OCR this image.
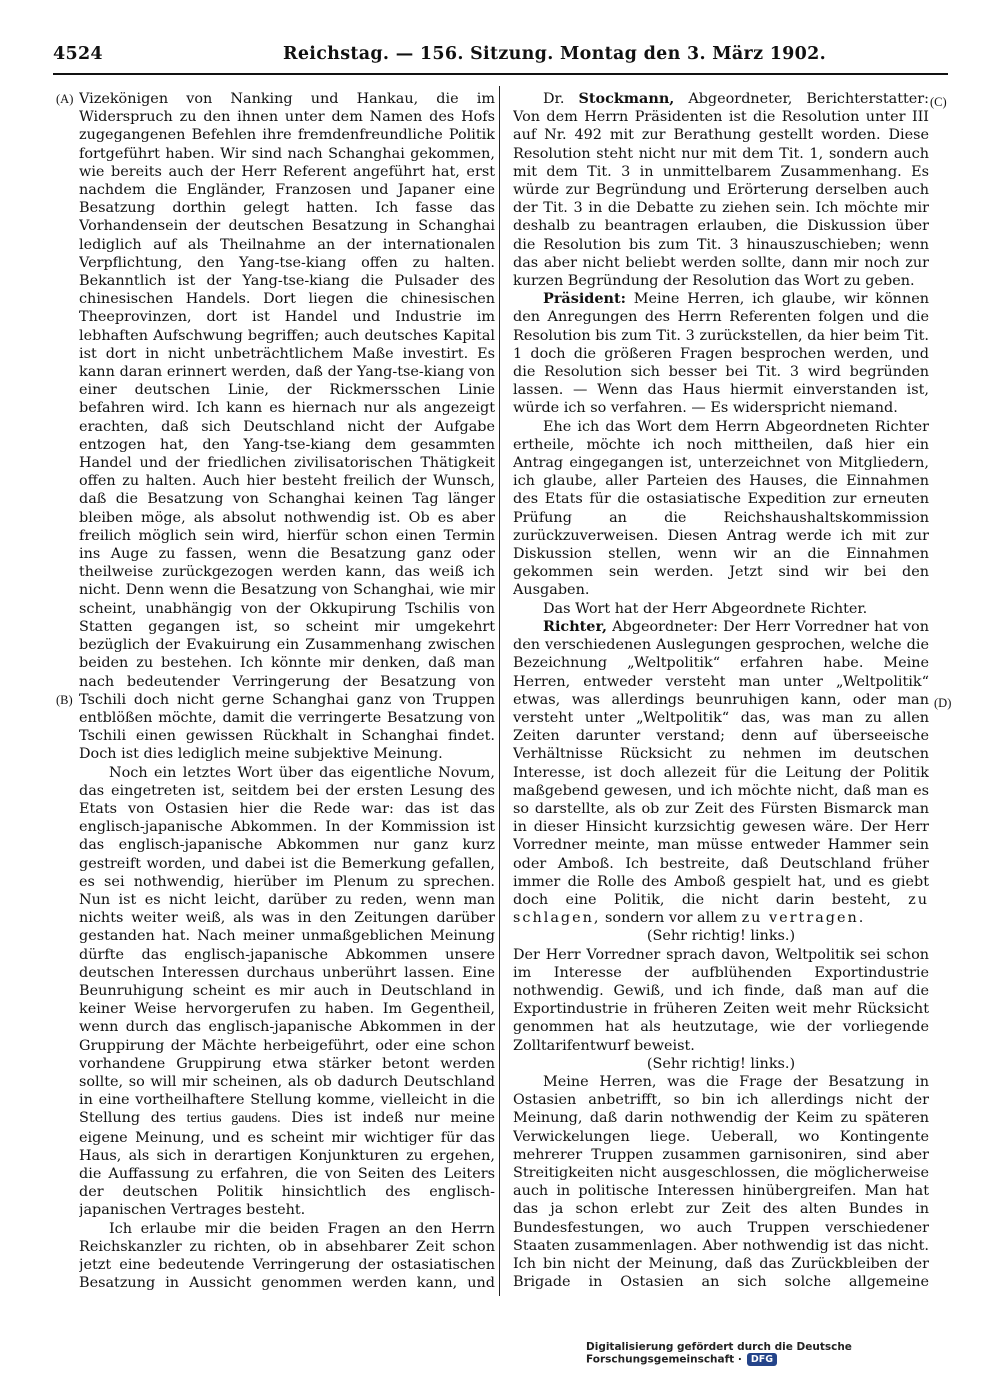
4524	Reichstag. — 156. Sitzung. Montag den 3. März 1902.
(A)
(B)
(C)
(D)

Vizekönigen von Nanking und Hankau, die im Widerspruch zu den ihnen unter dem Namen des Hofs zugegangenen Befehlen ihre fremdenfreundliche Politik fortgeführt haben. Wir sind nach Schanghai gekommen, wie bereits auch der Herr Referent angeführt hat, erst nachdem die Engländer, Franzosen und Japaner eine Besatzung dorthin gelegt hatten. Ich fasse das Vorhandensein der deutschen Besatzung in Schanghai lediglich auf als Theilnahme an der internationalen Verpflichtung, den Yang-tse-kiang offen zu halten. Bekanntlich ist der Yang-tse-kiang die Pulsader des chinesischen Handels. Dort liegen die chinesischen Theeprovinzen, dort ist Handel und Industrie im lebhaften Aufschwung begriffen; auch deutsches Kapital ist dort in nicht unbeträchtlichem Maße investirt. Es kann daran erinnert werden, daß der Yang-tse-kiang von einer deutschen Linie, der Rickmersschen Linie befahren wird. Ich kann es hiernach nur als angezeigt erachten, daß sich Deutschland nicht der Aufgabe entzogen hat, den Yang-tse-kiang dem gesammten Handel und der friedlichen zivilisatorischen Thätigkeit offen zu halten. Auch hier besteht freilich der Wunsch, daß die Besatzung von Schanghai keinen Tag länger bleiben möge, als absolut nothwendig ist. Ob es aber freilich möglich sein wird, hierfür schon einen Termin ins Auge zu fassen, wenn die Besatzung ganz oder theilweise zurückgezogen werden kann, das weiß ich nicht. Denn wenn die Besatzung von Schanghai, wie mir scheint, unabhängig von der Okkupirung Tschilis von Statten gegangen ist, so scheint mir umgekehrt bezüglich der Evakuirung ein Zusammenhang zwischen beiden zu bestehen. Ich könnte mir denken, daß man nach bedeutender Verringerung der Besatzung von Tschili doch nicht gerne Schanghai ganz von Truppen entblößen möchte, damit die verringerte Besatzung von Tschili einen gewissen Rückhalt in Schanghai findet. Doch ist dies lediglich meine subjektive Meinung.

Noch ein letztes Wort über das eigentliche Novum, das eingetreten ist, seitdem bei der ersten Lesung des Etats von Ostasien hier die Rede war: das ist das englisch-japanische Abkommen. In der Kommission ist das englisch-japanische Abkommen nur ganz kurz gestreift worden, und dabei ist die Bemerkung gefallen, es sei nothwendig, hierüber im Plenum zu sprechen. Nun ist es nicht leicht, darüber zu reden, wenn man nichts weiter weiß, als was in den Zeitungen darüber gestanden hat. Nach meiner unmaßgeblichen Meinung dürfte das englisch-japanische Abkommen unsere deutschen Interessen durchaus unberührt lassen. Eine Beunruhigung scheint es mir auch in Deutschland in keiner Weise hervorgerufen zu haben. Im Gegentheil, wenn durch das englisch-japanische Abkommen in der Gruppirung der Mächte herbeigeführt, oder eine schon vorhandene Gruppirung etwa stärker betont werden sollte, so will mir scheinen, als ob dadurch Deutschland in eine vortheilhaftere Stellung komme, vielleicht in die Stellung des tertius gaudens. Dies ist indeß nur meine eigene Meinung, und es scheint mir wichtiger für das Haus, als sich in derartigen Konjunkturen zu ergehen, die Auffassung zu erfahren, die von Seiten des Leiters der deutschen Politik hinsichtlich des englisch-japanischen Vertrages besteht.

Ich erlaube mir die beiden Fragen an den Herrn Reichskanzler zu richten, ob in absehbarer Zeit schon jetzt eine bedeutende Verringerung der ostasiatischen Besatzung in Aussicht genommen werden kann, und

Dr. Stockmann, Abgeordneter, Berichterstatter: Von dem Herrn Präsidenten ist die Resolution unter III auf Nr. 492 mit zur Berathung gestellt worden. Diese Resolution steht nicht nur mit dem Tit. 1, sondern auch mit dem Tit. 3 in unmittelbarem Zusammenhang. Es würde zur Begründung und Erörterung derselben auch der Tit. 3 in die Debatte zu ziehen sein. Ich möchte mir deshalb zu beantragen erlauben, die Diskussion über die Resolution bis zum Tit. 3 hinauszuschieben; wenn das aber nicht beliebt werden sollte, dann mir noch zur kurzen Begründung der Resolution das Wort zu geben.

Präsident: Meine Herren, ich glaube, wir können den Anregungen des Herrn Referenten folgen und die Resolution bis zum Tit. 3 zurückstellen, da hier beim Tit. 1 doch die größeren Fragen besprochen werden, und die Resolution sich besser bei Tit. 3 wird begründen lassen. — Wenn das Haus hiermit einverstanden ist, würde ich so verfahren. — Es widerspricht niemand.

Ehe ich das Wort dem Herrn Abgeordneten Richter ertheile, möchte ich noch mittheilen, daß hier ein Antrag eingegangen ist, unterzeichnet von Mitgliedern, ich glaube, aller Parteien des Hauses, die Einnahmen des Etats für die ostasiatische Expedition zur erneuten Prüfung an die Reichshaushaltskommission zurückzuverweisen. Diesen Antrag werde ich mit zur Diskussion stellen, wenn wir an die Einnahmen gekommen sein werden. Jetzt sind wir bei den Ausgaben.

Das Wort hat der Herr Abgeordnete Richter.

Richter, Abgeordneter: Der Herr Vorredner hat von den verschiedenen Auslegungen gesprochen, welche die Bezeichnung „Weltpolitik“ erfahren habe. Meine Herren, entweder versteht man unter „Weltpolitik“ etwas, was allerdings beunruhigen kann, oder man versteht unter „Weltpolitik“ das, was man zu allen Zeiten darunter verstand; denn auf überseeische Verhältnisse Rücksicht zu nehmen im deutschen Interesse, ist doch allezeit für die Leitung der Politik maßgebend gewesen, und ich möchte nicht, daß man es so darstellte, als ob zur Zeit des Fürsten Bismarck man in dieser Hinsicht kurzsichtig gewesen wäre. Der Herr Vorredner meinte, man müsse entweder Hammer sein oder Amboß. Ich bestreite, daß Deutschland früher immer die Rolle des Amboß gespielt hat, und es giebt doch eine Politik, die nicht darin besteht, zu schlagen, sondern vor allem zu vertragen.

(Sehr richtig! links.)

Der Herr Vorredner sprach davon, Weltpolitik sei schon im Interesse der aufblühenden Exportindustrie nothwendig. Gewiß, und ich finde, daß man auf die Exportindustrie in früheren Zeiten weit mehr Rücksicht genommen hat als heutzutage, wie der vorliegende Zolltarifentwurf beweist.

(Sehr richtig! links.)

Meine Herren, was die Frage der Besatzung in Ostasien anbetrifft, so bin ich allerdings nicht der Meinung, daß darin nothwendig der Keim zu späteren Verwickelungen liege. Ueberall, wo Kontingente mehrerer Truppen zusammen garnisoniren, sind aber Streitigkeiten nicht ausgeschlossen, die möglicherweise auch in politische Interessen hinübergreifen. Man hat das ja schon erlebt zur Zeit des alten Bundes in Bundesfestungen, wo auch Truppen verschiedener Staaten zusammenlagen. Aber nothwendig ist das nicht. Ich bin nicht der Meinung, daß das Zurückbleiben der Brigade in Ostasien an sich solche allgemeine

Digitalisierung gefördert durch die Deutsche Forschungsgemeinschaft · DFG
